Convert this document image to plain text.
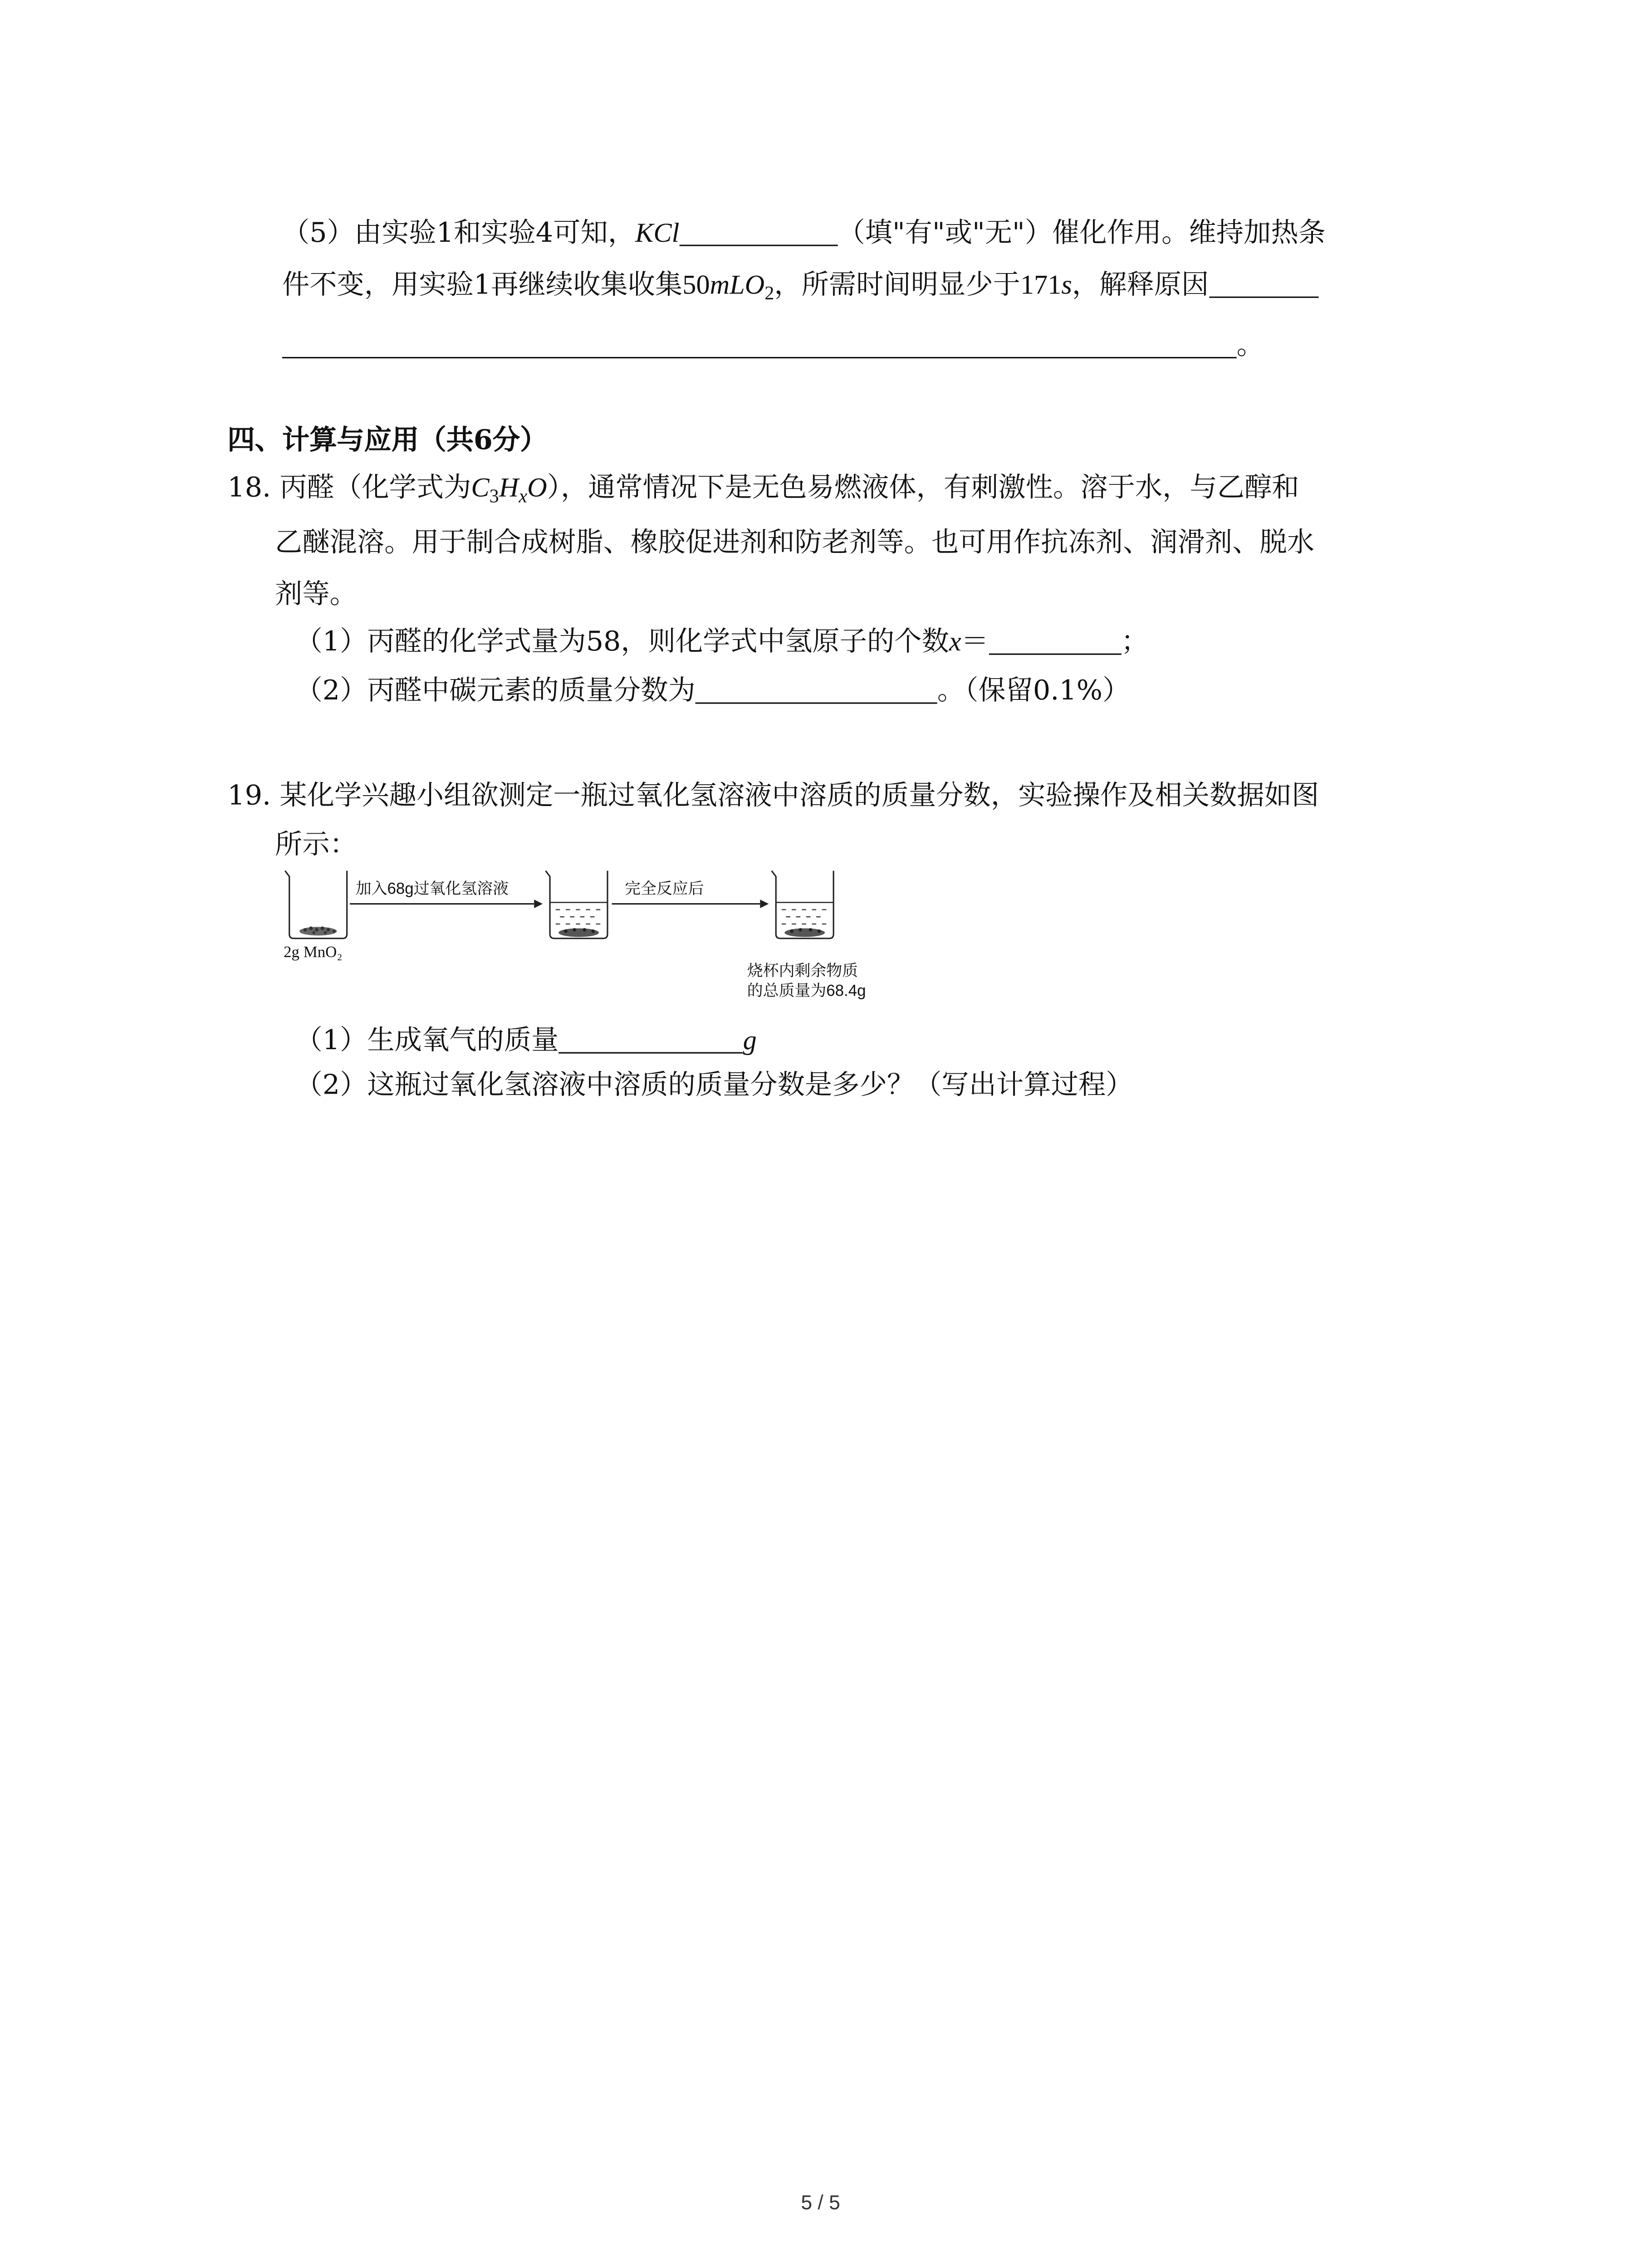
（5）由实验1和实验4可知，KCl	（填"有"或"无"）催化作用。维持加热条
件不变，用实验1再继续收集收集50mLO$_2$，所需时间明显少于171s，解释原因
。
四、计算与应用（共6分）
18. 丙醛（化学式为$C_3H_xO$），通常情况下是无色易燃液体，有刺激性。溶于水，与乙醇和
乙醚混溶。用于制合成树脂、橡胶促进剂和防老剂等。也可用作抗冻剂、润滑剂、脱水
剂等。
（1）丙醛的化学式量为58，则化学式中氢原子的个数x＝	；
（2）丙醛中碳元素的质量分数为	。（保留0.1%）
19. 某化学兴趣小组欲测定一瓶过氧化氢溶液中溶质的质量分数，实验操作及相关数据如图
所示：
2g MnO₂
加入68g过氧化氢溶液	完全反应后
烧杯内剩余物质
的总质量为68.4g
（1）生成氧气的质量	g
（2）这瓶过氧化氢溶液中溶质的质量分数是多少？（写出计算过程）
5 / 5
